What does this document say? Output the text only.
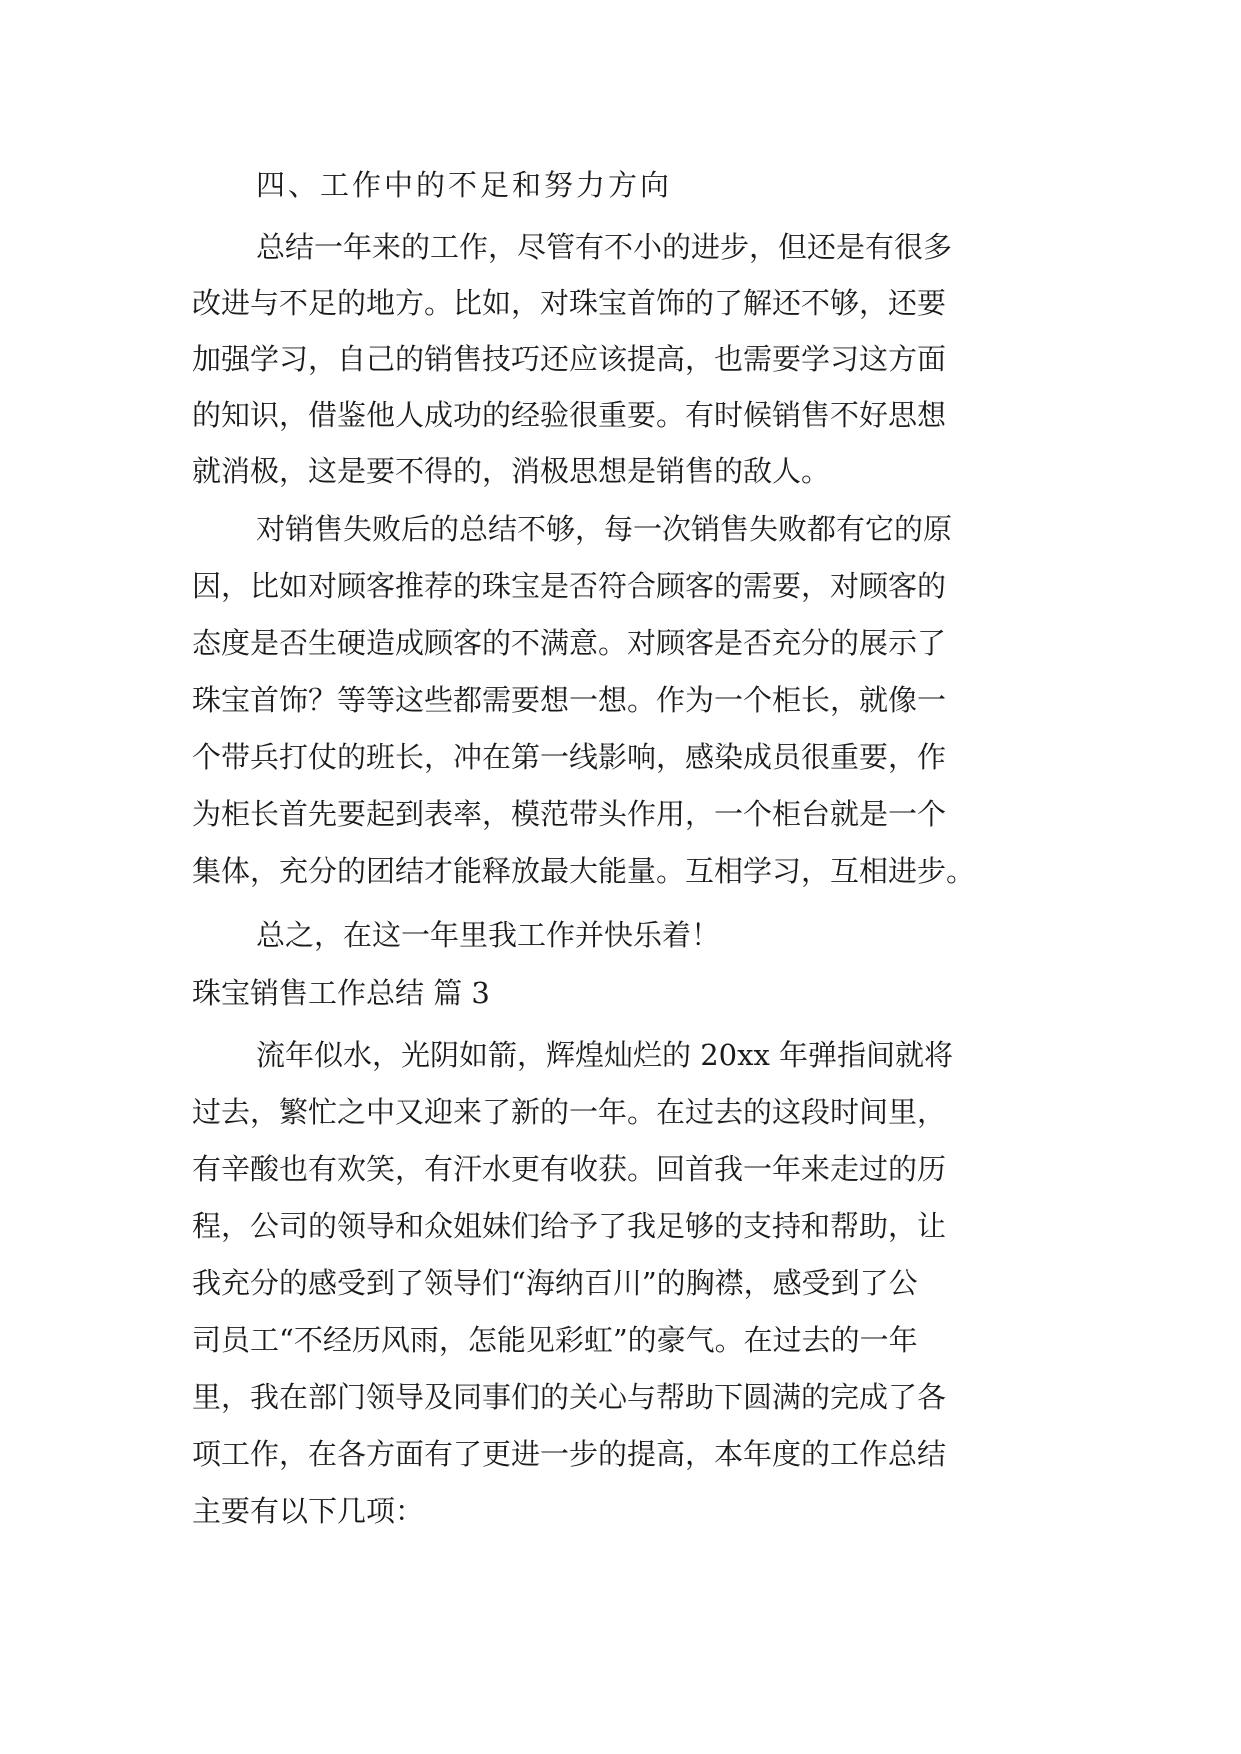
四、工作中的不足和努力方向
总结一年来的工作，尽管有不小的进步，但还是有很多
改进与不足的地方。比如，对珠宝首饰的了解还不够，还要
加强学习，自己的销售技巧还应该提高，也需要学习这方面
的知识，借鉴他人成功的经验很重要。有时候销售不好思想
就消极，这是要不得的，消极思想是销售的敌人。
对销售失败后的总结不够，每一次销售失败都有它的原
因，比如对顾客推荐的珠宝是否符合顾客的需要，对顾客的
态度是否生硬造成顾客的不满意。对顾客是否充分的展示了
珠宝首饰？等等这些都需要想一想。作为一个柜长，就像一
个带兵打仗的班长，冲在第一线影响，感染成员很重要，作
为柜长首先要起到表率，模范带头作用，一个柜台就是一个
集体，充分的团结才能释放最大能量。互相学习，互相进步。
总之，在这一年里我工作并快乐着！
珠宝销售工作总结 篇 3
流年似水，光阴如箭，辉煌灿烂的 20xx 年弹指间就将
过去，繁忙之中又迎来了新的一年。在过去的这段时间里，
有辛酸也有欢笑，有汗水更有收获。回首我一年来走过的历
程，公司的领导和众姐妹们给予了我足够的支持和帮助，让
我充分的感受到了领导们“海纳百川”的胸襟，感受到了公
司员工“不经历风雨，怎能见彩虹”的豪气。在过去的一年
里，我在部门领导及同事们的关心与帮助下圆满的完成了各
项工作，在各方面有了更进一步的提高，本年度的工作总结
主要有以下几项：
